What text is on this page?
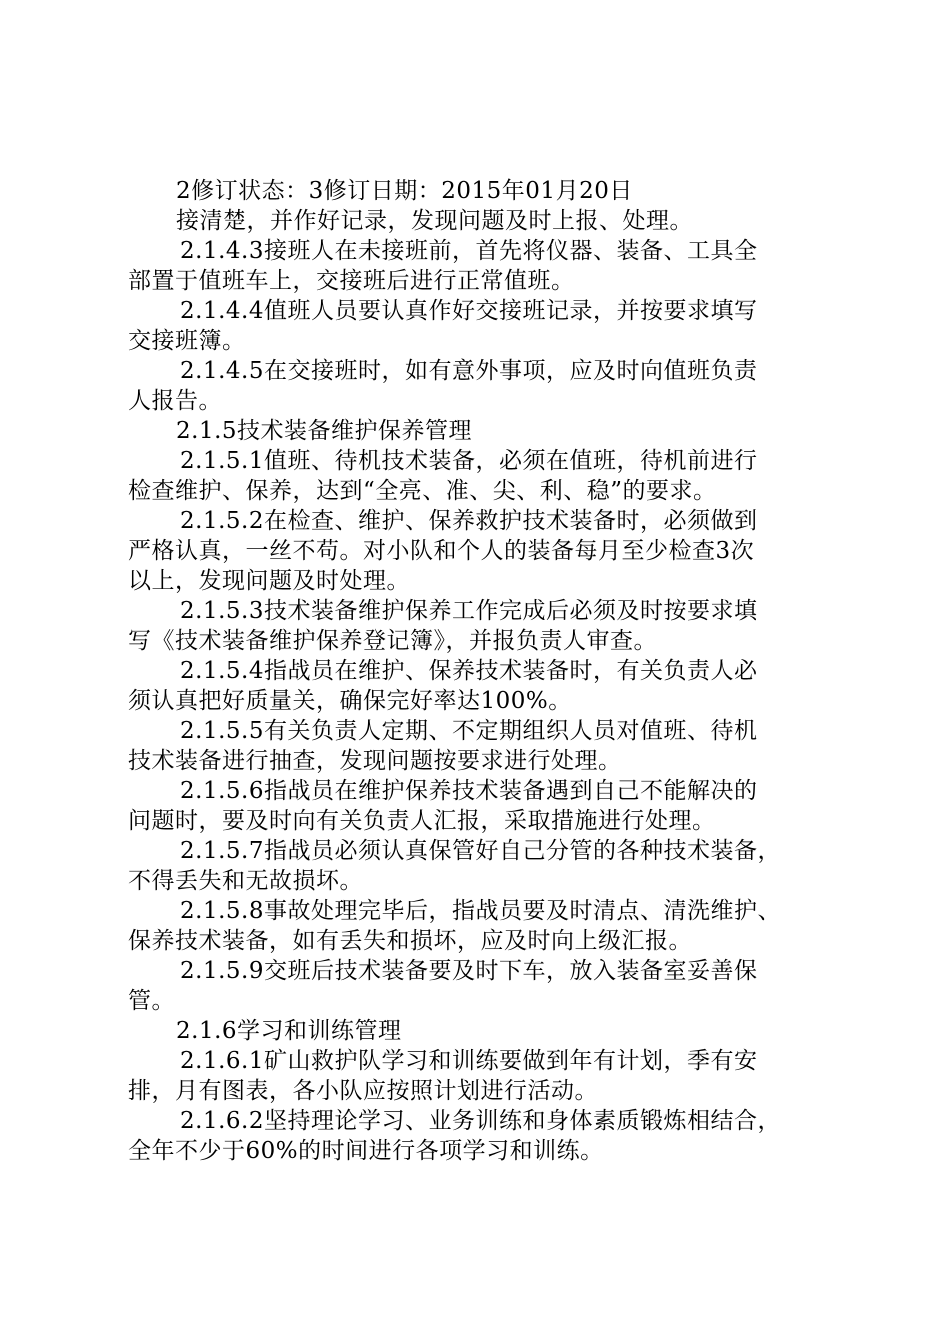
2修订状态：3修订日期：2015年01月20日
接清楚，并作好记录，发现问题及时上报、处理。
2.1.4.3接班人在未接班前，首先将仪器、装备、工具全
部置于值班车上，交接班后进行正常值班。
2.1.4.4值班人员要认真作好交接班记录，并按要求填写
交接班簿。
2.1.4.5在交接班时，如有意外事项，应及时向值班负责
人报告。
2.1.5技术装备维护保养管理
2.1.5.1值班、待机技术装备，必须在值班，待机前进行
检查维护、保养，达到“全亮、准、尖、利、稳”的要求。
2.1.5.2在检查、维护、保养救护技术装备时，必须做到
严格认真，一丝不苟。对小队和个人的装备每月至少检查3次
以上，发现问题及时处理。
2.1.5.3技术装备维护保养工作完成后必须及时按要求填
写《技术装备维护保养登记簿》，并报负责人审查。
2.1.5.4指战员在维护、保养技术装备时，有关负责人必
须认真把好质量关，确保完好率达100%。
2.1.5.5有关负责人定期、不定期组织人员对值班、待机
技术装备进行抽查，发现问题按要求进行处理。
2.1.5.6指战员在维护保养技术装备遇到自己不能解决的
问题时，要及时向有关负责人汇报，采取措施进行处理。
2.1.5.7指战员必须认真保管好自己分管的各种技术装备，
不得丢失和无故损坏。
2.1.5.8事故处理完毕后，指战员要及时清点、清洗维护、
保养技术装备，如有丢失和损坏，应及时向上级汇报。
2.1.5.9交班后技术装备要及时下车，放入装备室妥善保
管。
2.1.6学习和训练管理
2.1.6.1矿山救护队学习和训练要做到年有计划，季有安
排，月有图表，各小队应按照计划进行活动。
2.1.6.2坚持理论学习、业务训练和身体素质锻炼相结合，
全年不少于60%的时间进行各项学习和训练。
